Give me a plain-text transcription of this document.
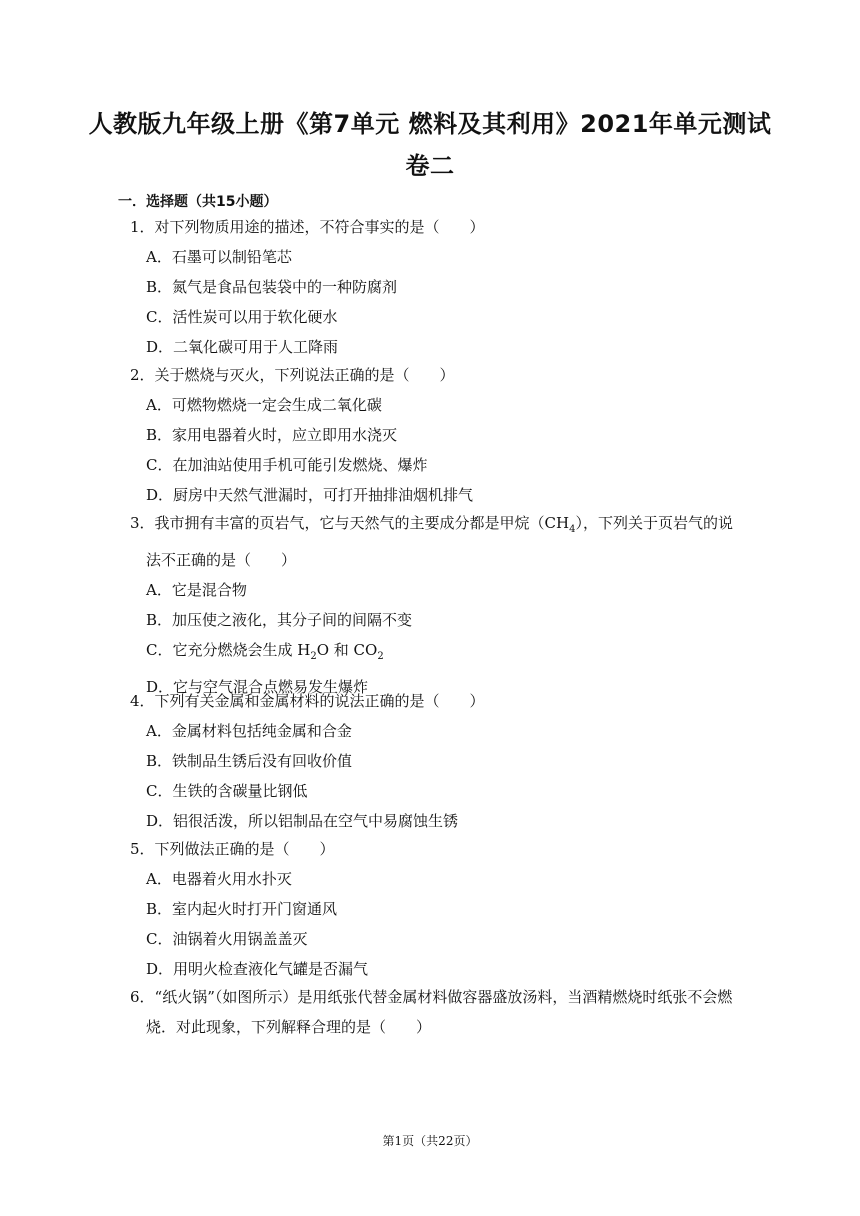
人教版九年级上册《第7单元 燃料及其利用》2021年单元测试
卷二
一．选择题（共15小题）
1．对下列物质用途的描述，不符合事实的是（　　）
A．石墨可以制铅笔芯
B．氮气是食品包装袋中的一种防腐剂
C．活性炭可以用于软化硬水
D．二氧化碳可用于人工降雨
2．关于燃烧与灭火，下列说法正确的是（　　）
A．可燃物燃烧一定会生成二氧化碳
B．家用电器着火时，应立即用水浇灭
C．在加油站使用手机可能引发燃烧、爆炸
D．厨房中天然气泄漏时，可打开抽排油烟机排气
3．我市拥有丰富的页岩气，它与天然气的主要成分都是甲烷$(CH_4)$，下列关于页岩气的说法不正确的是（　　）
A．它是混合物
B．加压使之液化，其分子间的间隔不变
C．它充分燃烧会生成 $H_2O$ 和 $CO_2$
D．它与空气混合点燃易发生爆炸
4．下列有关金属和金属材料的说法正确的是（　　）
A．金属材料包括纯金属和合金
B．铁制品生锈后没有回收价值
C．生铁的含碳量比钢低
D．铝很活泼，所以铝制品在空气中易腐蚀生锈
5．下列做法正确的是（　　）
A．电器着火用水扑灭
B．室内起火时打开门窗通风
C．油锅着火用锅盖盖灭
D．用明火检查液化气罐是否漏气
6．“纸火锅”（如图所示）是用纸张代替金属材料做容器盛放汤料，当酒精燃烧时纸张不会燃烧．对此现象，下列解释合理的是（　　）
第1页（共22页）
